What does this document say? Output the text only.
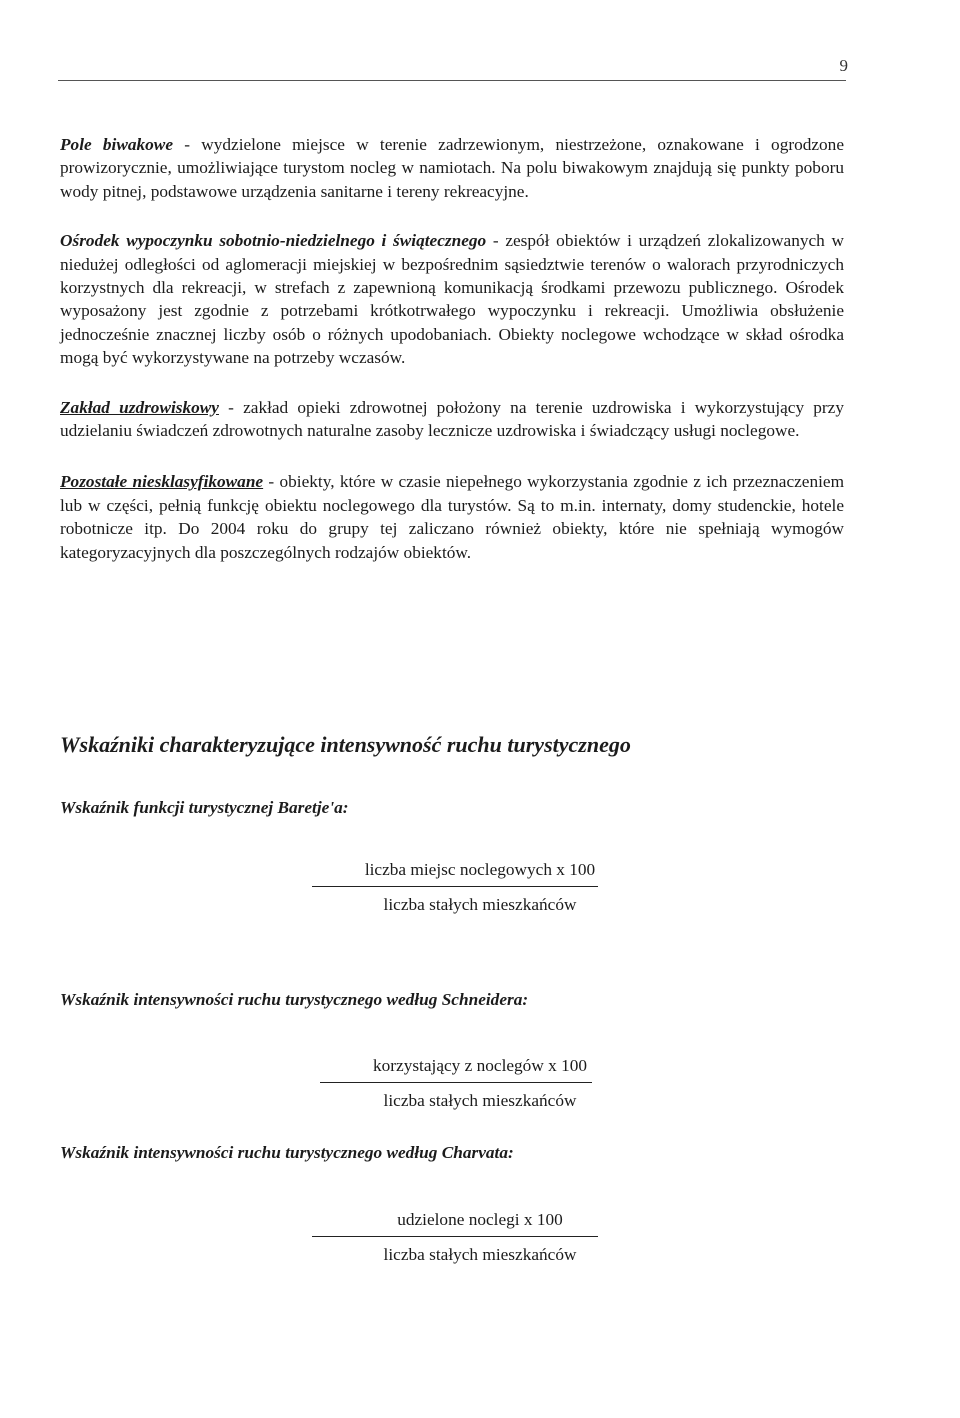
9

Pole biwakowe - wydzielone miejsce w terenie zadrzewionym, niestrzeżone, oznakowane i ogrodzone prowizorycznie, umożliwiające turystom nocleg w namiotach. Na polu biwakowym znajdują się punkty poboru wody pitnej, podstawowe urządzenia sanitarne i tereny rekreacyjne.

Ośrodek wypoczynku sobotnio-niedzielnego i świątecznego - zespół obiektów i urządzeń zlokalizowanych w niedużej odległości od aglomeracji miejskiej w bezpośrednim sąsiedztwie terenów o walorach przyrodniczych korzystnych dla rekreacji, w strefach z zapewnioną komunikacją środkami przewozu publicznego. Ośrodek wyposażony jest zgodnie z potrzebami krótkotrwałego wypoczynku i rekreacji. Umożliwia obsłużenie jednocześnie znacznej liczby osób o różnych upodobaniach. Obiekty noclegowe wchodzące w skład ośrodka mogą być wykorzystywane na potrzeby wczasów.

Zakład uzdrowiskowy - zakład opieki zdrowotnej położony na terenie uzdrowiska i wykorzystujący przy udzielaniu świadczeń zdrowotnych naturalne zasoby lecznicze uzdrowiska i świadczący usługi noclegowe.

Pozostałe niesklasyfikowane - obiekty, które w czasie niepełnego wykorzystania zgodnie z ich przeznaczeniem lub w części, pełnią funkcję obiektu noclegowego dla turystów. Są to m.in. internaty, domy studenckie, hotele robotnicze itp. Do 2004 roku do grupy tej zaliczano również obiekty, które nie spełniają wymogów kategoryzacyjnych dla poszczególnych rodzajów obiektów.

Wskaźniki charakteryzujące intensywność ruchu turystycznego
Wskaźnik funkcji turystycznej Baretje'a:
liczba miejsc noclegowych x 100
liczba stałych mieszkańców
Wskaźnik intensywności ruchu turystycznego według Schneidera:
korzystający z noclegów x 100
liczba stałych mieszkańców
Wskaźnik intensywności ruchu turystycznego według Charvata:
udzielone noclegi x 100
liczba stałych mieszkańców
